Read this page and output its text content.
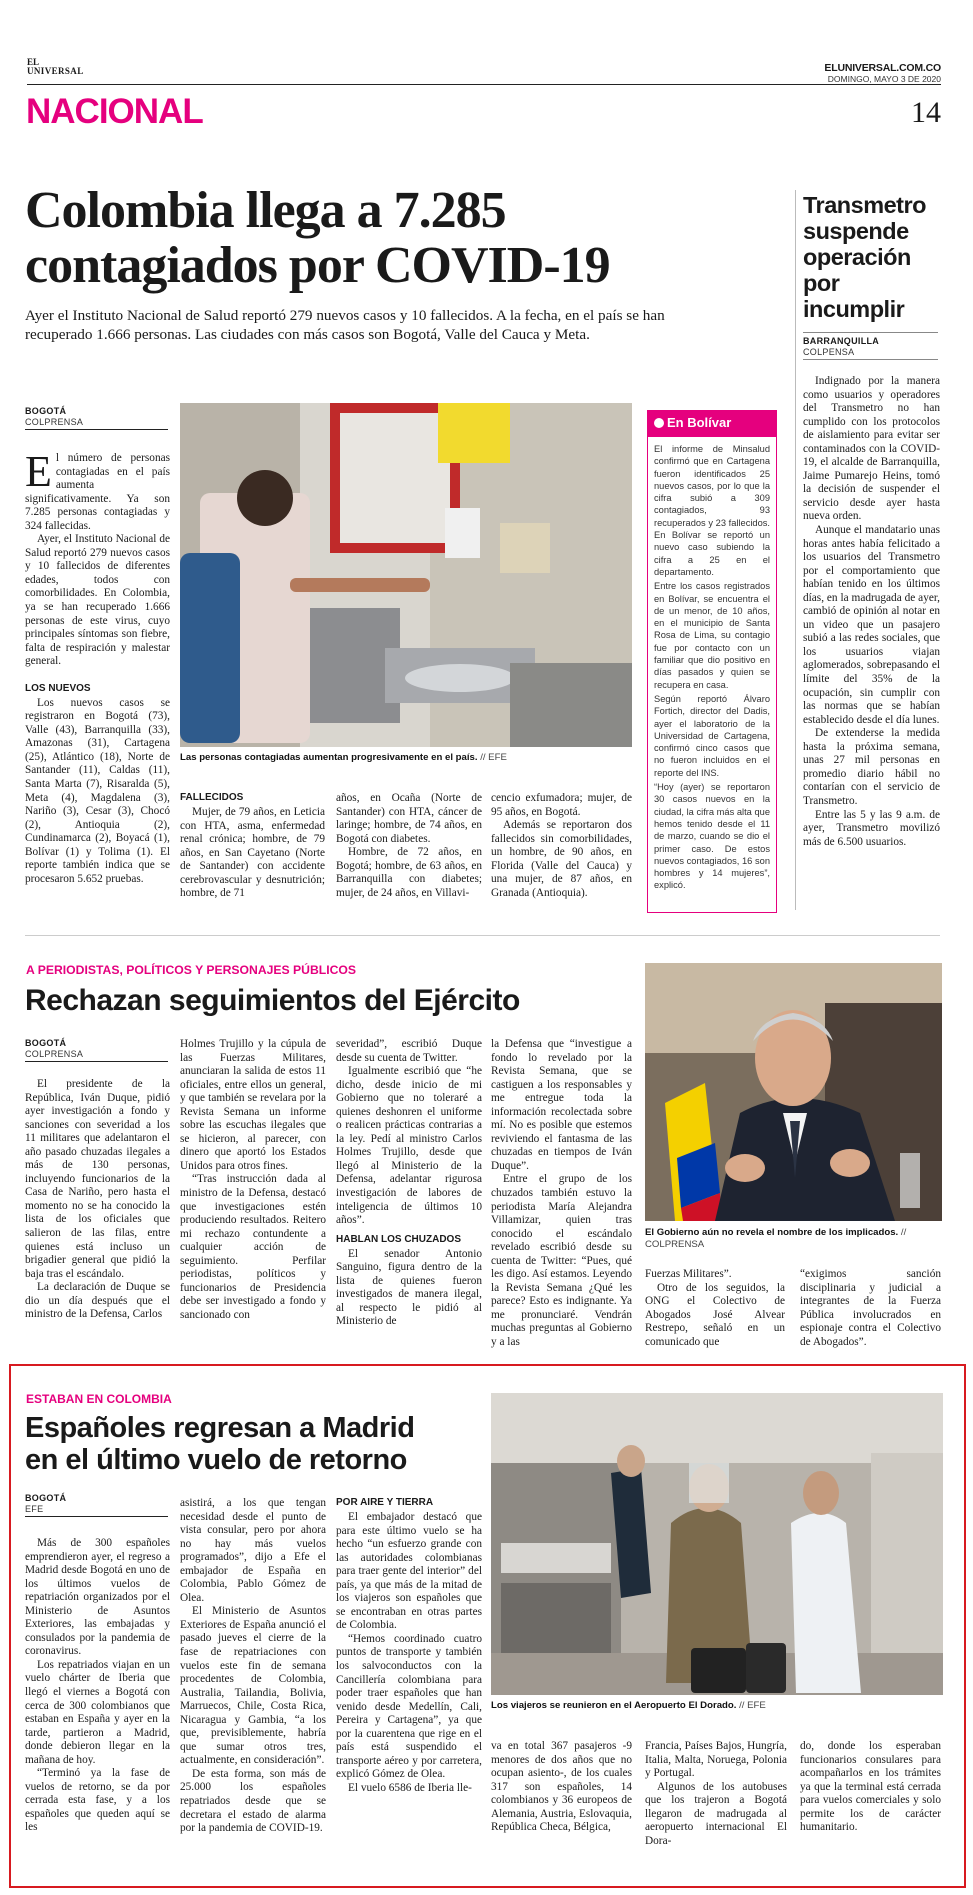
EL
UNIVERSAL	ELUNIVERSAL.COM.CO
DOMINGO, MAYO 3 DE 2020
NACIONAL	14
Colombia llega a 7.285
contagiados por COVID-19
Ayer el Instituto Nacional de Salud reportó 279 nuevos casos y 10 fallecidos. A la fecha, en el país se han recuperado 1.666 personas. Las ciudades con más casos son Bogotá, Valle del Cauca y Meta.
BOGOTÁ
COLPRENSA
El número de personas contagiadas en el país aumenta significativamente. Ya son 7.285 personas contagiadas y 324 fallecidas.

Ayer, el Instituto Nacional de Salud reportó 279 nuevos casos y 10 fallecidos de diferentes edades, todos con comorbilidades. En Colombia, ya se han recuperado 1.666 personas de este virus, cuyo principales síntomas son fiebre, falta de respiración y malestar general.

LOS NUEVOS

Los nuevos casos se registraron en Bogotá (73), Valle (43), Barranquilla (33), Amazonas (31), Cartagena (25), Atlántico (18), Norte de Santander (11), Caldas (11), Santa Marta (7), Risaralda (5), Meta (4), Magdalena (3), Nariño (3), Cesar (3), Chocó (2), Antioquia (2), Cundinamarca (2), Boyacá (1), Bolívar (1) y Tolima (1). El reporte también indica que se procesaron 5.652 pruebas.

Las personas contagiadas aumentan progresivamente en el país. // EFE
FALLECIDOS

Mujer, de 79 años, en Leticia con HTA, asma, enfermedad renal crónica; hombre, de 79 años, en San Cayetano (Norte de Santander) con accidente cerebrovascular y desnutrición; hombre, de 71

años, en Ocaña (Norte de Santander) con HTA, cáncer de laringe; hombre, de 74 años, en Bogotá con diabetes.

Hombre, de 72 años, en Bogotá; hombre, de 63 años, en Barranquilla con diabetes; mujer, de 24 años, en Villavi-

cencio exfumadora; mujer, de 95 años, en Bogotá.

Además se reportaron dos fallecidos sin comorbilidades, un hombre, de 90 años, en Florida (Valle del Cauca) y una mujer, de 87 años, en Granada (Antioquia).

En Bolívar
El informe de Minsalud confirmó que en Cartagena fueron identificados 25 nuevos casos, por lo que la cifra subió a 309 contagiados, 93 recuperados y 23 fallecidos. En Bolívar se reportó un nuevo caso subiendo la cifra a 25 en el departamento.
Entre los casos registrados en Bolívar, se encuentra el de un menor, de 10 años, en el municipio de Santa Rosa de Lima, su contagio fue por contacto con un familiar que dio positivo en días pasados y quien se recupera en casa.
Según reportó Álvaro Fortich, director del Dadis, ayer el laboratorio de la Universidad de Cartagena, confirmó cinco casos que no fueron incluidos en el reporte del INS.
“Hoy (ayer) se reportaron 30 casos nuevos en la ciudad, la cifra más alta que hemos tenido desde el 11 de marzo, cuando se dio el primer caso. De estos nuevos contagiados, 16 son hombres y 14 mujeres”, explicó.
Transmetro
suspende
operación
por
incumplir
BARRANQUILLA
COLPENSA

Indignado por la manera como usuarios y operadores del Transmetro no han cumplido con los protocolos de aislamiento para evitar ser contaminados con la COVID-19, el alcalde de Barranquilla, Jaime Pumarejo Heins, tomó la decisión de suspender el servicio desde ayer hasta nueva orden.

Aunque el mandatario unas horas antes había felicitado a los usuarios del Transmetro por el comportamiento que habían tenido en los últimos días, en la madrugada de ayer, cambió de opinión al notar en un video que un pasajero subió a las redes sociales, que los usuarios viajan aglomerados, sobrepasando el límite del 35% de la ocupación, sin cumplir con las normas que se habían establecido desde el día lunes.

De extenderse la medida hasta la próxima semana, unas 27 mil personas en promedio diario hábil no contarían con el servicio de Transmetro.

Entre las 5 y las 9 a.m. de ayer, Transmetro movilizó más de 6.500 usuarios.

A PERIODISTAS, POLÍTICOS Y PERSONAJES PÚBLICOS
Rechazan seguimientos del Ejército
BOGOTÁ
COLPRENSA

El presidente de la República, Iván Duque, pidió ayer investigación a fondo y sanciones con severidad a los 11 militares que adelantaron el año pasado chuzadas ilegales a más de 130 personas, incluyendo funcionarios de la Casa de Nariño, pero hasta el momento no se ha conocido la lista de los oficiales que salieron de las filas, entre quienes está incluso un brigadier general que pidió la baja tras el escándalo.

La declaración de Duque se dio un día después que el ministro de la Defensa, Carlos

Holmes Trujillo y la cúpula de las Fuerzas Militares, anunciaran la salida de estos 11 oficiales, entre ellos un general, y que también se revelara por la Revista Semana un informe sobre las escuchas ilegales que se hicieron, al parecer, con dinero que aportó los Estados Unidos para otros fines.

“Tras instrucción dada al ministro de la Defensa, destacó que investigaciones estén produciendo resultados. Reitero mi rechazo contundente a cualquier acción de seguimiento. Perfilar periodistas, políticos y funcionarios de Presidencia debe ser investigado a fondo y sancionado con

severidad”, escribió Duque desde su cuenta de Twitter.

Igualmente escribió que “he dicho, desde inicio de mi Gobierno que no toleraré a quienes deshonren el uniforme o realicen prácticas contrarias a la ley. Pedí al ministro Carlos Holmes Trujillo, desde que llegó al Ministerio de la Defensa, adelantar rigurosa investigación de labores de inteligencia de últimos 10 años”.

HABLAN LOS CHUZADOS

El senador Antonio Sanguino, figura dentro de la lista de quienes fueron investigados de manera ilegal, al respecto le pidió al Ministerio de

la Defensa que “investigue a fondo lo revelado por la Revista Semana, que se castiguen a los responsables y me entregue toda la información recolectada sobre mí. No es posible que estemos reviviendo el fantasma de las chuzadas en tiempos de Iván Duque”.

Entre el grupo de los chuzados también estuvo la periodista María Alejandra Villamizar, quien tras conocido el escándalo revelado escribió desde su cuenta de Twitter: “Pues, qué les digo. Así estamos. Leyendo la Revista Semana ¿Qué les parece? Esto es indignante. Ya me pronunciaré. Vendrán muchas preguntas al Gobierno y a las

El Gobierno aún no revela el nombre de los implicados. // COLPRENSA
Fuerzas Militares”.

Otro de los seguidos, la ONG el Colectivo de Abogados José Alvear Restrepo, señaló en un comunicado que

“exigimos sanción disciplinaria y judicial a integrantes de la Fuerza Pública involucrados en espionaje contra el Colectivo de Abogados”.
ESTABAN EN COLOMBIA
Españoles regresan a Madrid
en el último vuelo de retorno
BOGOTÁ
EFE

Más de 300 españoles emprendieron ayer, el regreso a Madrid desde Bogotá en uno de los últimos vuelos de repatriación organizados por el Ministerio de Asuntos Exteriores, las embajadas y consulados por la pandemia de coronavirus.

Los repatriados viajan en un vuelo chárter de Iberia que llegó el viernes a Bogotá con cerca de 300 colombianos que estaban en España y ayer en la tarde, partieron a Madrid, donde debieron llegar en la mañana de hoy.

“Terminó ya la fase de vuelos de retorno, se da por cerrada esta fase, y a los españoles que queden aquí se les

asistirá, a los que tengan necesidad desde el punto de vista consular, pero por ahora no hay más vuelos programados”, dijo a Efe el embajador de España en Colombia, Pablo Gómez de Olea.

El Ministerio de Asuntos Exteriores de España anunció el pasado jueves el cierre de la fase de repatriaciones con vuelos este fin de semana procedentes de Colombia, Australia, Tailandia, Bolivia, Marruecos, Chile, Costa Rica, Nicaragua y Gambia, “a los que, previsiblemente, habría que sumar otros tres, actualmente, en consideración”.

De esta forma, son más de 25.000 los españoles repatriados desde que se decretara el estado de alarma por la pandemia de COVID-19.

POR AIRE Y TIERRA

El embajador destacó que para este último vuelo se ha hecho “un esfuerzo grande con las autoridades colombianas para traer gente del interior” del país, ya que más de la mitad de los viajeros son españoles que se encontraban en otras partes de Colombia.

“Hemos coordinado cuatro puntos de transporte y también los salvoconductos con la Cancillería colombiana para poder traer españoles que han venido desde Medellín, Cali, Pereira y Cartagena”, ya que por la cuarentena que rige en el país está suspendido el transporte aéreo y por carretera, explicó Gómez de Olea.

El vuelo 6586 de Iberia lle-

Los viajeros se reunieron en el Aeropuerto El Dorado. // EFE
va en total 367 pasajeros -9 menores de dos años que no ocupan asiento-, de los cuales 317 son españoles, 14 colombianos y 36 europeos de Alemania, Austria, Eslovaquia, República Checa, Bélgica,
Francia, Países Bajos, Hungría, Italia, Malta, Noruega, Polonia y Portugal.

Algunos de los autobuses que los trajeron a Bogotá llegaron de madrugada al aeropuerto internacional El Dora-

do, donde los esperaban funcionarios consulares para acompañarlos en los trámites ya que la terminal está cerrada para vuelos comerciales y solo permite los de carácter humanitario.
